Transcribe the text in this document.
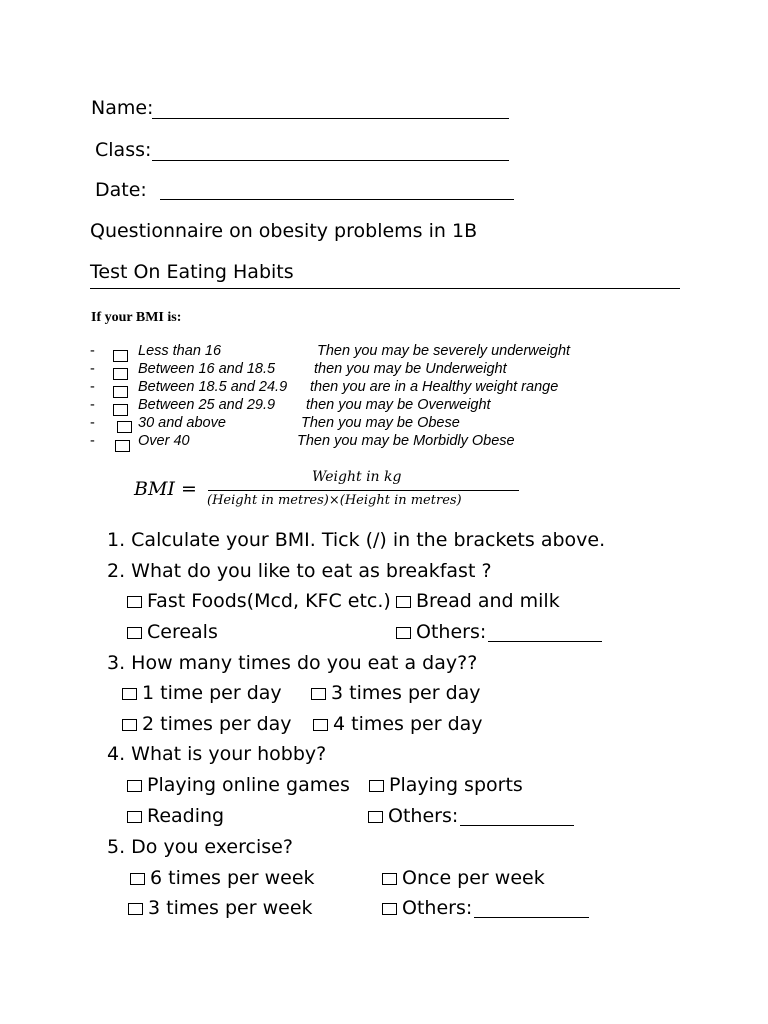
Name:
Class:
Date:
Questionnaire on obesity problems in 1B
Test On Eating Habits
If your BMI is:
-	Less than 16	Then you may be severely underweight
-	Between 16 and 18.5	then you may be Underweight
-	Between 18.5 and 24.9 then you are in a Healthy weight range
-	Between 25 and 29.9 then you may be Overweight
-	30 and above	Then you may be Obese
-	Over 40	Then you may be Morbidly Obese
BMI =
Weight in kg
(Height in metres)×(Height in metres)
1. Calculate your BMI. Tick (/) in the brackets above.
2. What do you like to eat as breakfast ?
Fast Foods(Mcd, KFC etc.)	Bread and milk
Cereals	Others:
3. How many times do you eat a day??
1 time per day	3 times per day
2 times per day	4 times per day
4. What is your hobby?
Playing online games	Playing sports
Reading	Others:
5. Do you exercise?
6 times per week	Once per week
3 times per week	Others:
